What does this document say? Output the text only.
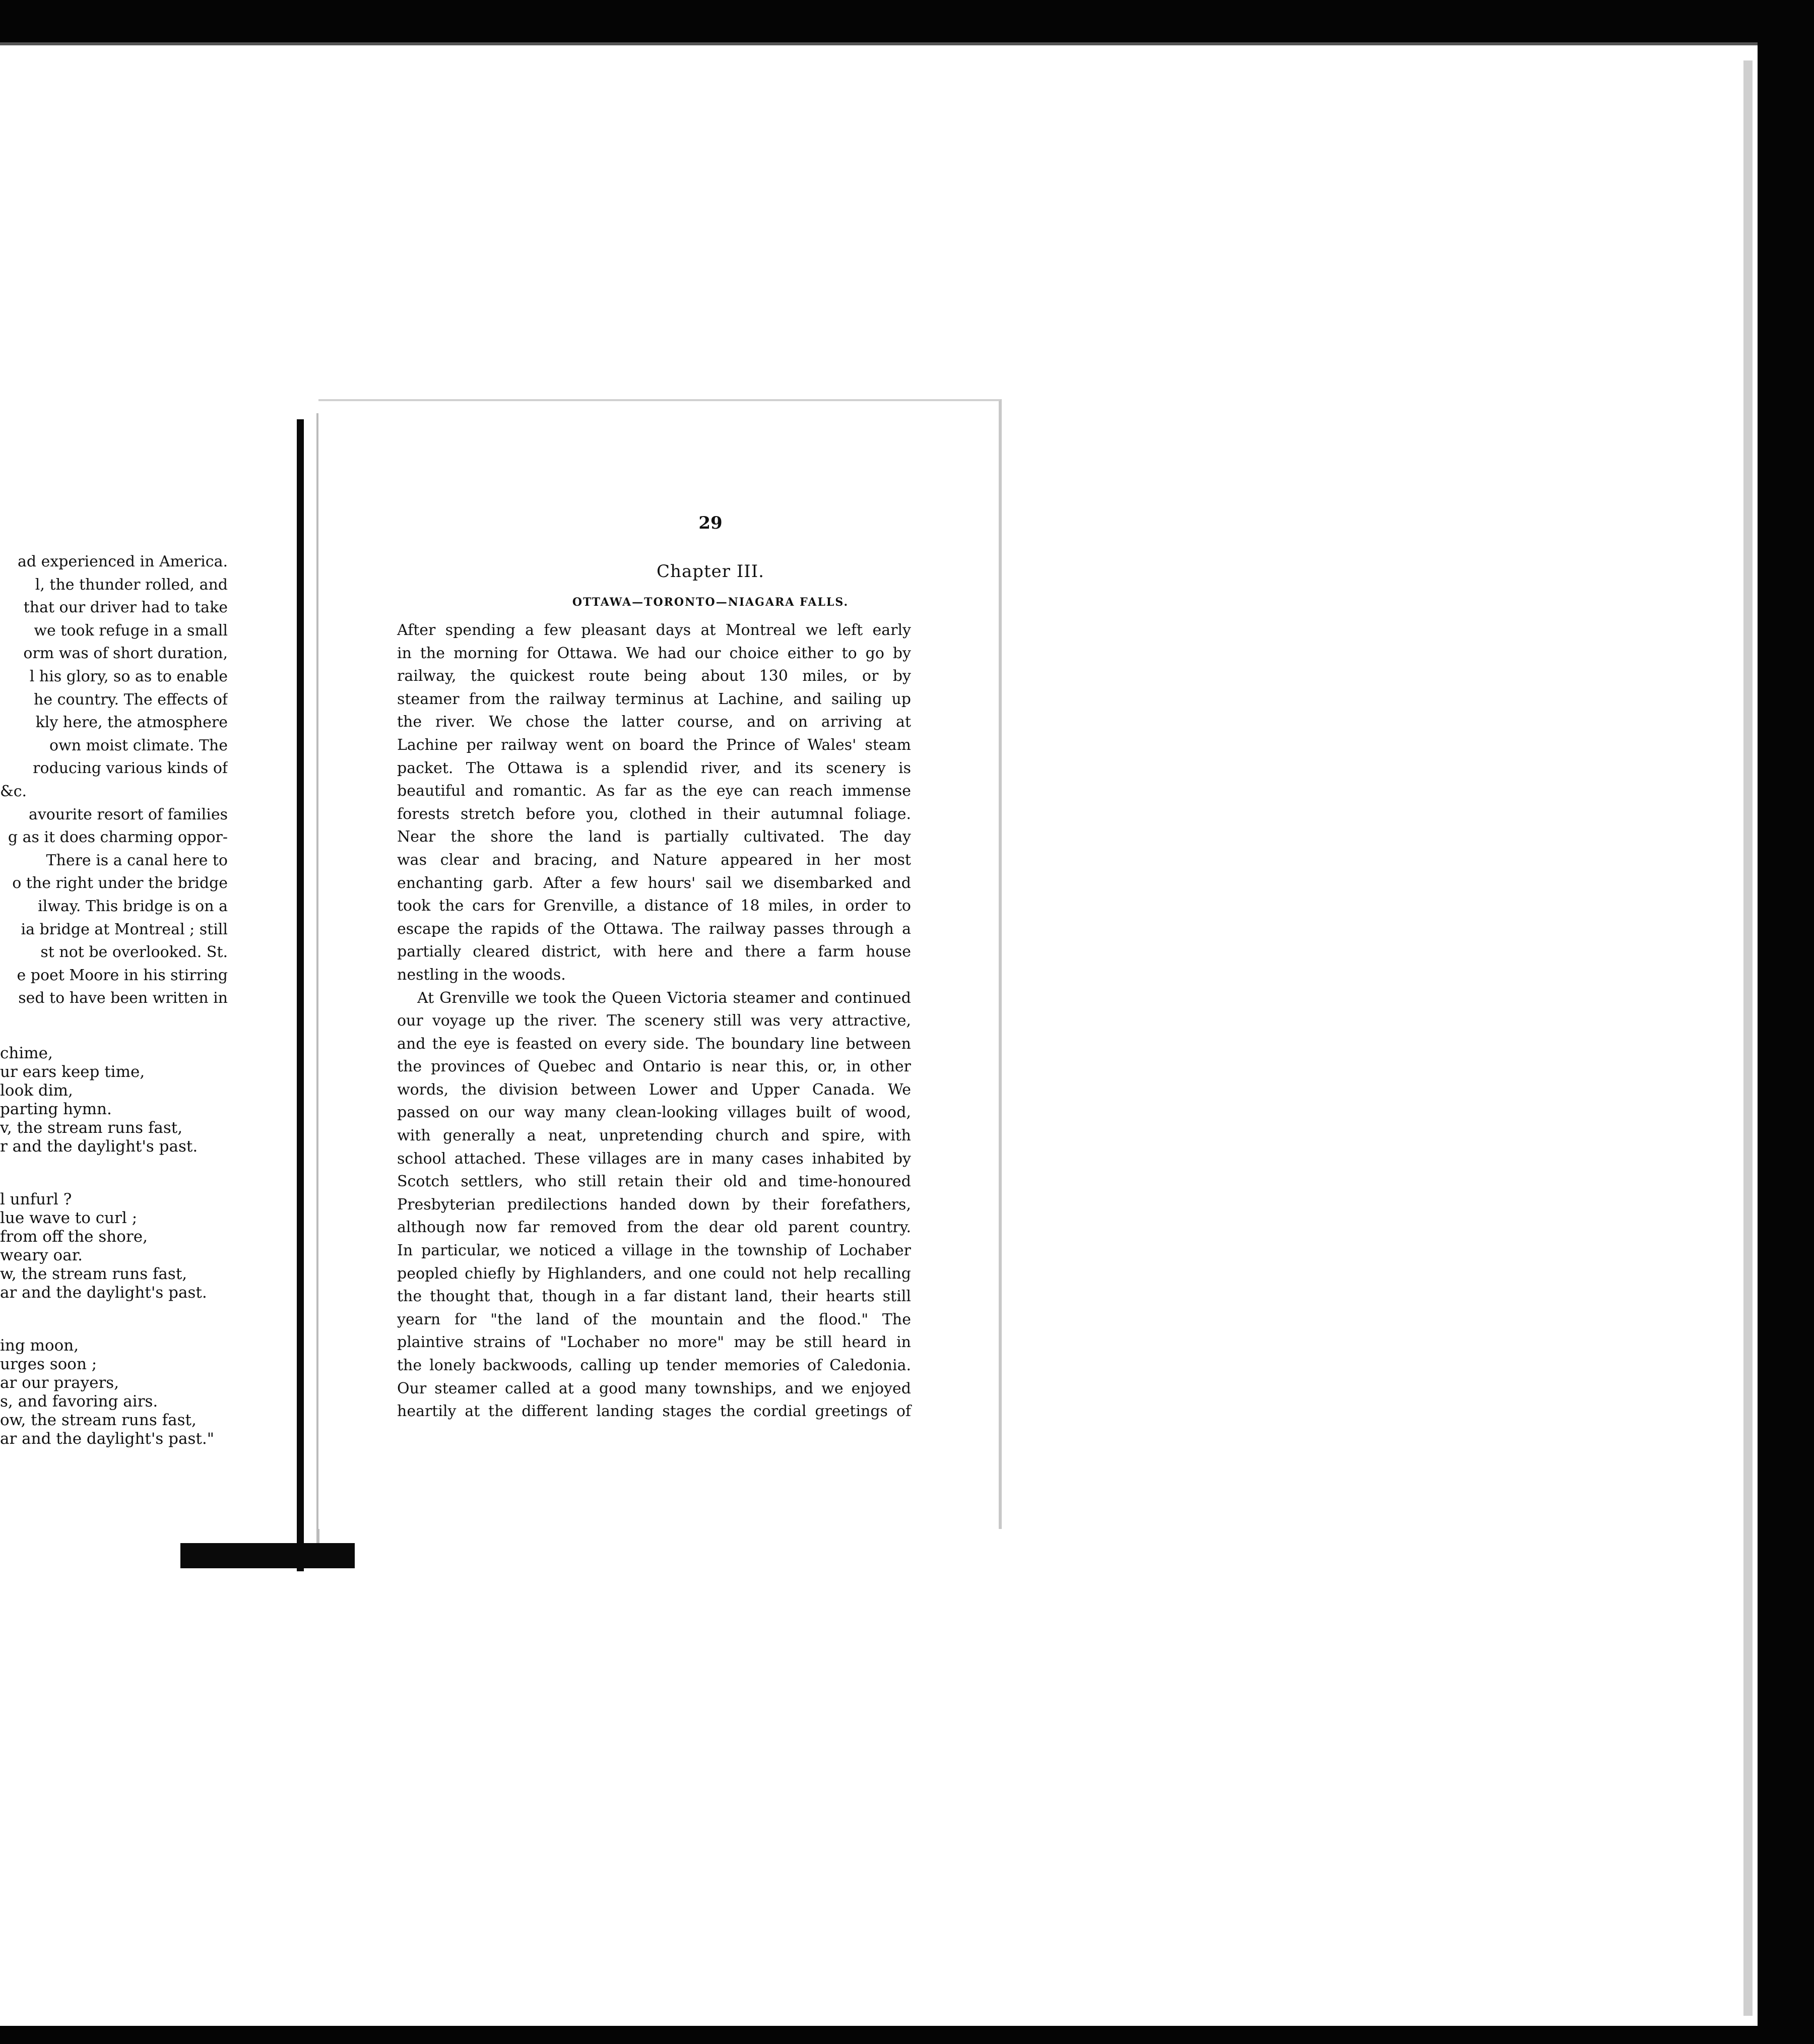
ad experienced in America.
l, the thunder rolled, and
that our driver had to take
we took refuge in a small
orm was of short duration,
l his glory, so as to enable
he country. The effects of
kly here, the atmosphere
own moist climate. The
roducing various kinds of
&c.
avourite resort of families
g as it does charming oppor-
There is a canal here to
o the right under the bridge
ilway. This bridge is on a
ia bridge at Montreal ; still
st not be overlooked. St.
e poet Moore in his stirring
sed to have been written in
chime,
ur ears keep time,
look dim,
parting hymn.
v, the stream runs fast,
r and the daylight's past.
l unfurl ?
lue wave to curl ;
from off the shore,
weary oar.
w, the stream runs fast,
ar and the daylight's past.
ing moon,
urges soon ;
ar our prayers,
s, and favoring airs.
ow, the stream runs fast,
ar and the daylight's past."
29
Chapter III.
OTTAWA—TORONTO—NIAGARA FALLS.
After spending a few pleasant days at Montreal we left early
in the morning for Ottawa. We had our choice either to go by
railway, the quickest route being about 130 miles, or by
steamer from the railway terminus at Lachine, and sailing up
the river. We chose the latter course, and on arriving at
Lachine per railway went on board the Prince of Wales' steam
packet. The Ottawa is a splendid river, and its scenery is
beautiful and romantic. As far as the eye can reach immense
forests stretch before you, clothed in their autumnal foliage.
Near the shore the land is partially cultivated. The day
was clear and bracing, and Nature appeared in her most
enchanting garb. After a few hours' sail we disembarked and
took the cars for Grenville, a distance of 18 miles, in order to
escape the rapids of the Ottawa. The railway passes through a
partially cleared district, with here and there a farm house
nestling in the woods.
At Grenville we took the Queen Victoria steamer and continued
our voyage up the river. The scenery still was very attractive,
and the eye is feasted on every side. The boundary line between
the provinces of Quebec and Ontario is near this, or, in other
words, the division between Lower and Upper Canada. We
passed on our way many clean-looking villages built of wood,
with generally a neat, unpretending church and spire, with
school attached. These villages are in many cases inhabited by
Scotch settlers, who still retain their old and time-honoured
Presbyterian predilections handed down by their forefathers,
although now far removed from the dear old parent country.
In particular, we noticed a village in the township of Lochaber
peopled chiefly by Highlanders, and one could not help recalling
the thought that, though in a far distant land, their hearts still
yearn for "the land of the mountain and the flood." The
plaintive strains of "Lochaber no more" may be still heard in
the lonely backwoods, calling up tender memories of Caledonia.
Our steamer called at a good many townships, and we enjoyed
heartily at the different landing stages the cordial greetings of
